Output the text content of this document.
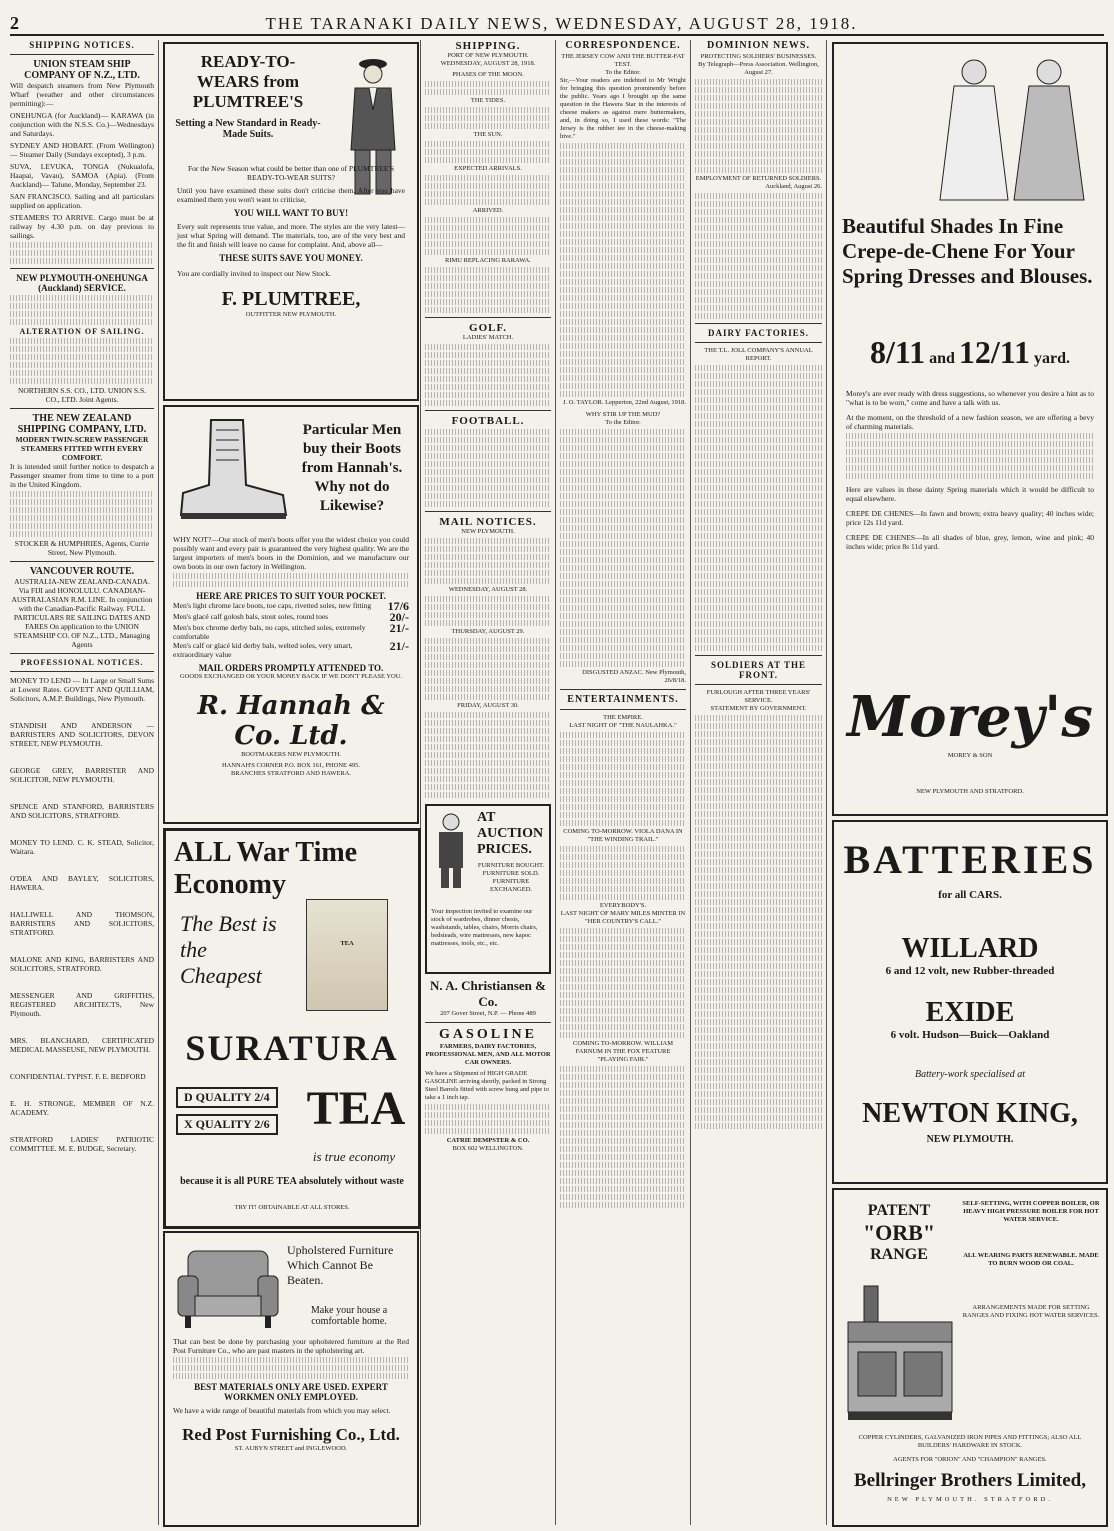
2	THE TARANAKI DAILY NEWS, WEDNESDAY, AUGUST 28, 1918.
SHIPPING NOTICES.
UNION STEAM SHIP COMPANY OF N.Z., LTD.
Will despatch steamers from New Plymouth Wharf (weather and other circumstances permitting):—
ONEHUNGA (for Auckland)— KARAWA (in conjunction with the N.S.S. Co.)—Wednesdays and Saturdays.
SYDNEY AND HOBART. (From Wellington)— Steamer Daily (Sundays excepted), 3 p.m.
SUVA, LEVUKA, TONGA (Nukualofa, Haapai, Vavau), SAMOA (Apia). (From Auckland)— Talune, Monday, September 23.
SAN FRANCISCO. Sailing and all particulars supplied on application.
STEAMERS TO ARRIVE. Cargo must be at railway by 4.30 p.m. on day previous to sailings.
NEW PLYMOUTH-ONEHUNGA (Auckland) SERVICE.
ALTERATION OF SAILING.
NORTHERN S.S. CO., LTD. UNION S.S. CO., LTD. Joint Agents.
THE NEW ZEALAND SHIPPING COMPANY, LTD.
MODERN TWIN-SCREW PASSENGER STEAMERS FITTED WITH EVERY COMFORT.
It is intended until further notice to despatch a Passenger steamer from time to time to a port in the United Kingdom.
STOCKER & HUMPHRIES, Agents, Currie Street, New Plymouth.
VANCOUVER ROUTE.
AUSTRALIA-NEW ZEALAND-CANADA. Via FIJI and HONOLULU. CANADIAN-AUSTRALASIAN R.M. LINE. In conjunction with the Canadian-Pacific Railway. FULL PARTICULARS RE SAILING DATES AND FARES On application to the UNION STEAMSHIP CO. OF N.Z., LTD., Managing Agents
PROFESSIONAL NOTICES.
MONEY TO LEND — In Large or Small Sums at Lowest Rates. GOVETT AND QUILLIAM, Solicitors, A.M.P. Buildings, New Plymouth.
STANDISH AND ANDERSON — BARRISTERS AND SOLICITORS, DEVON STREET, NEW PLYMOUTH.
GEORGE GREY, BARRISTER AND SOLICITOR, NEW PLYMOUTH.
SPENCE AND STANFORD, BARRISTERS AND SOLICITORS, STRATFORD.
MONEY TO LEND. C. K. STEAD, Solicitor, Waitara.
O'DEA AND BAYLEY, SOLICITORS, HAWERA.
HALLIWELL AND THOMSON, BARRISTERS AND SOLICITORS, STRATFORD.
MALONE AND KING, BARRISTERS AND SOLICITORS, STRATFORD.
MESSENGER AND GRIFFITHS, REGISTERED ARCHITECTS, New Plymouth.
MRS. BLANCHARD, CERTIFICATED MEDICAL MASSEUSE, NEW PLYMOUTH.
CONFIDENTIAL TYPIST. F. E. BEDFORD
E. H. STRONGE, MEMBER OF N.Z. ACADEMY.
STRATFORD LADIES' PATRIOTIC COMMITTEE. M. E. BUDGE, Secretary.
READY-TO-WEARS from PLUMTREE'S
Setting a New Standard in Ready-Made Suits.
For the New Season what could be better than one of PLUMTREE'S READY-TO-WEAR SUITS?
Until you have examined these suits don't criticise them. After you have examined them you won't want to criticise,
YOU WILL WANT TO BUY!
Every suit represents true value, and more. The styles are the very latest—just what Spring will demand. The materials, too, are of the very best and the fit and finish will leave no cause for complaint. And, above all—
THESE SUITS SAVE YOU MONEY.
You are cordially invited to inspect our New Stock.
F. PLUMTREE,
OUTFITTER NEW PLYMOUTH.
Particular Men buy their Boots from Hannah's. Why not do Likewise?
WHY NOT?—Our stock of men's boots offer you the widest choice you could possibly want and every pair is guaranteed the very highest quality. We are the largest importers of men's boots in the Dominion, and we manufacture our own boots in our own factory in Wellington.
HERE ARE PRICES TO SUIT YOUR POCKET.
Men's light chrome lace boots, toe caps, rivetted soles, new fitting	17/6
Men's glacé calf golosh bals, stout soles, round toes	20/-
Men's box chrome derby bals, no caps, stitched soles, extremely comfortable
21/-
Men's calf or glacé kid derby bals, welted soles, very smart, extraordinary value
21/-
MAIL ORDERS PROMPTLY ATTENDED TO.
GOODS EXCHANGED OR YOUR MONEY BACK IF WE DON'T PLEASE YOU.
R. Hannah & Co. Ltd.
BOOTMAKERS NEW PLYMOUTH.
HANNAH'S CORNER P.O. BOX 161, PHONE 495.
BRANCHES STRATFORD AND HAWERA.
ALL War Time Economy
The Best is the Cheapest
TEA
SURATURA
D QUALITY 2/4 X QUALITY 2/6 TEA
is true economy
because it is all PURE TEA absolutely without waste
TRY IT! OBTAINABLE AT ALL STORES.
Upholstered Furniture Which Cannot Be Beaten.
Make your house a comfortable home.
That can best be done by purchasing your upholstered furniture at the Red Post Furniture Co., who are past masters in the upholstering art.
BEST MATERIALS ONLY ARE USED. EXPERT WORKMEN ONLY EMPLOYED.
We have a wide range of beautiful materials from which you may select.
Red Post Furnishing Co., Ltd.
ST. AUBYN STREET and INGLEWOOD.
SHIPPING.
PORT OF NEW PLYMOUTH.
WEDNESDAY, AUGUST 28, 1918.
PHASES OF THE MOON.
THE TIDES.
THE SUN.
EXPECTED ARRIVALS.
ARRIVED.
RIMU REPLACING RARAWA.
GOLF.
LADIES' MATCH.
FOOTBALL.
MAIL NOTICES.
NEW PLYMOUTH.
WEDNESDAY, AUGUST 28.
THURSDAY, AUGUST 29.
FRIDAY, AUGUST 30.
AT AUCTION PRICES.
FURNITURE BOUGHT. FURNITURE SOLD. FURNITURE EXCHANGED.
Your inspection invited to examine our stock of wardrobes, dinner chests, washstands, tables, chairs, Morris chairs, bedsteads, wire mattresses, new kapoc mattresses, tools, etc., etc.
N. A. Christiansen & Co.
207 Gover Street, N.P. — Phone 489
GASOLINE
FARMERS, DAIRY FACTORIES, PROFESSIONAL MEN, AND ALL MOTOR CAR OWNERS.
We have a Shipment of HIGH GRADE GASOLINE arriving shortly, packed in Strong Steel Barrels fitted with screw bung and pipe to take a 1 inch tap.
CATRIE DEMPSTER & CO.
BOX 602 WELLINGTON.
CORRESPONDENCE.
THE JERSEY COW AND THE BUTTER-FAT TEST.
To the Editor.
Sir,—Your readers are indebted to Mr Wright for bringing this question prominently before the public. Years ago I brought up the same question in the Hawera Star in the interests of cheese makers as against mere buttermakers, and, in doing so, I used these words: "The Jersey is the rubber tee in the cheese-making hive."
J. O. TAYLOR. Lepperton, 22nd August, 1918.
WHY STIR UP THE MUD?
To the Editor.
DISGUSTED ANZAC. New Plymouth, 26/8/18.
ENTERTAINMENTS.
THE EMPIRE.
LAST NIGHT OF "THE NAULAHKA."
COMING TO-MORROW. VIOLA DANA IN "THE WINDING TRAIL."
EVERYBODY'S.
LAST NIGHT OF MARY MILES MINTER IN "HER COUNTRY'S CALL."
COMING TO-MORROW. WILLIAM FARNUM IN THE FOX FEATURE "PLAYING FAIR."
DOMINION NEWS.
PROTECTING SOLDIERS' BUSINESSES.
By Telegraph—Press Association. Wellington, August 27.
EMPLOYMENT OF RETURNED SOLDIERS.
Auckland, August 26.
DAIRY FACTORIES.
THE T.L. JOLL COMPANY'S ANNUAL REPORT.
SOLDIERS AT THE FRONT.
FURLOUGH AFTER THREE YEARS' SERVICE.
STATEMENT BY GOVERNMENT.
Beautiful Shades In Fine Crepe-de-Chene For Your Spring Dresses and Blouses.
8/11 and 12/11 yard.
Morey's are ever ready with dress suggestions, so whenever you desire a hint as to "what is to be worn," come and have a talk with us.
At the moment, on the threshold of a new fashion season, we are offering a bevy of charming materials.
Here are values in these dainty Spring materials which it would be difficult to equal elsewhere.
CREPE DE CHENES—In fawn and brown; extra heavy quality; 40 inches wide; price 12s 11d yard.
CREPE DE CHENES—In all shades of blue, grey, lemon, wine and pink; 40 inches wide; price 8s 11d yard.
Morey's
MOREY & SON
NEW PLYMOUTH AND STRATFORD.
BATTERIES
for all CARS.
WILLARD
6 and 12 volt, new Rubber-threaded
EXIDE
6 volt. Hudson—Buick—Oakland
Battery-work specialised at
NEWTON KING,
NEW PLYMOUTH.
PATENT
"ORB"
RANGE
SELF-SETTING, WITH COPPER BOILER, OR HEAVY HIGH PRESSURE BOILER FOR HOT WATER SERVICE.
ALL WEARING PARTS RENEWABLE. MADE TO BURN WOOD OR COAL.
ARRANGEMENTS MADE FOR SETTING RANGES AND FIXING HOT WATER SERVICES.
COPPER CYLINDERS, GALVANIZED IRON PIPES AND FITTINGS; ALSO ALL BUILDERS' HARDWARE IN STOCK.
AGENTS FOR "ORION" AND "CHAMPION" RANGES.
Bellringer Brothers Limited,
NEW PLYMOUTH. STRATFORD.
